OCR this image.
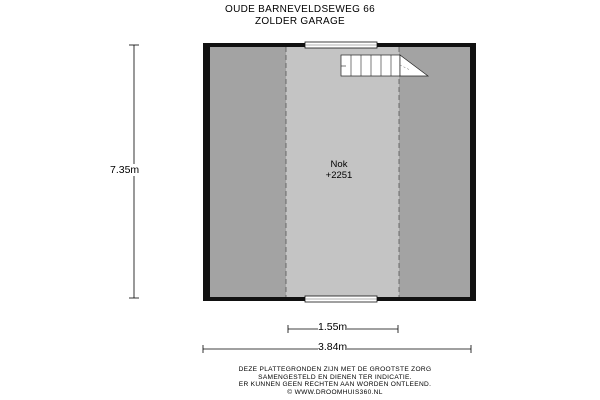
OUDE BARNEVELDSEWEG 66
ZOLDER GARAGE
Nok
+2251
7.35m
1.55m
3.84m
DEZE PLATTEGRONDEN ZIJN MET DE GROOTSTE ZORG
SAMENGESTELD EN DIENEN TER INDICATIE.
ER KUNNEN GEEN RECHTEN AAN WORDEN ONTLEEND.
© WWW.DROOMHUIS360.NL
